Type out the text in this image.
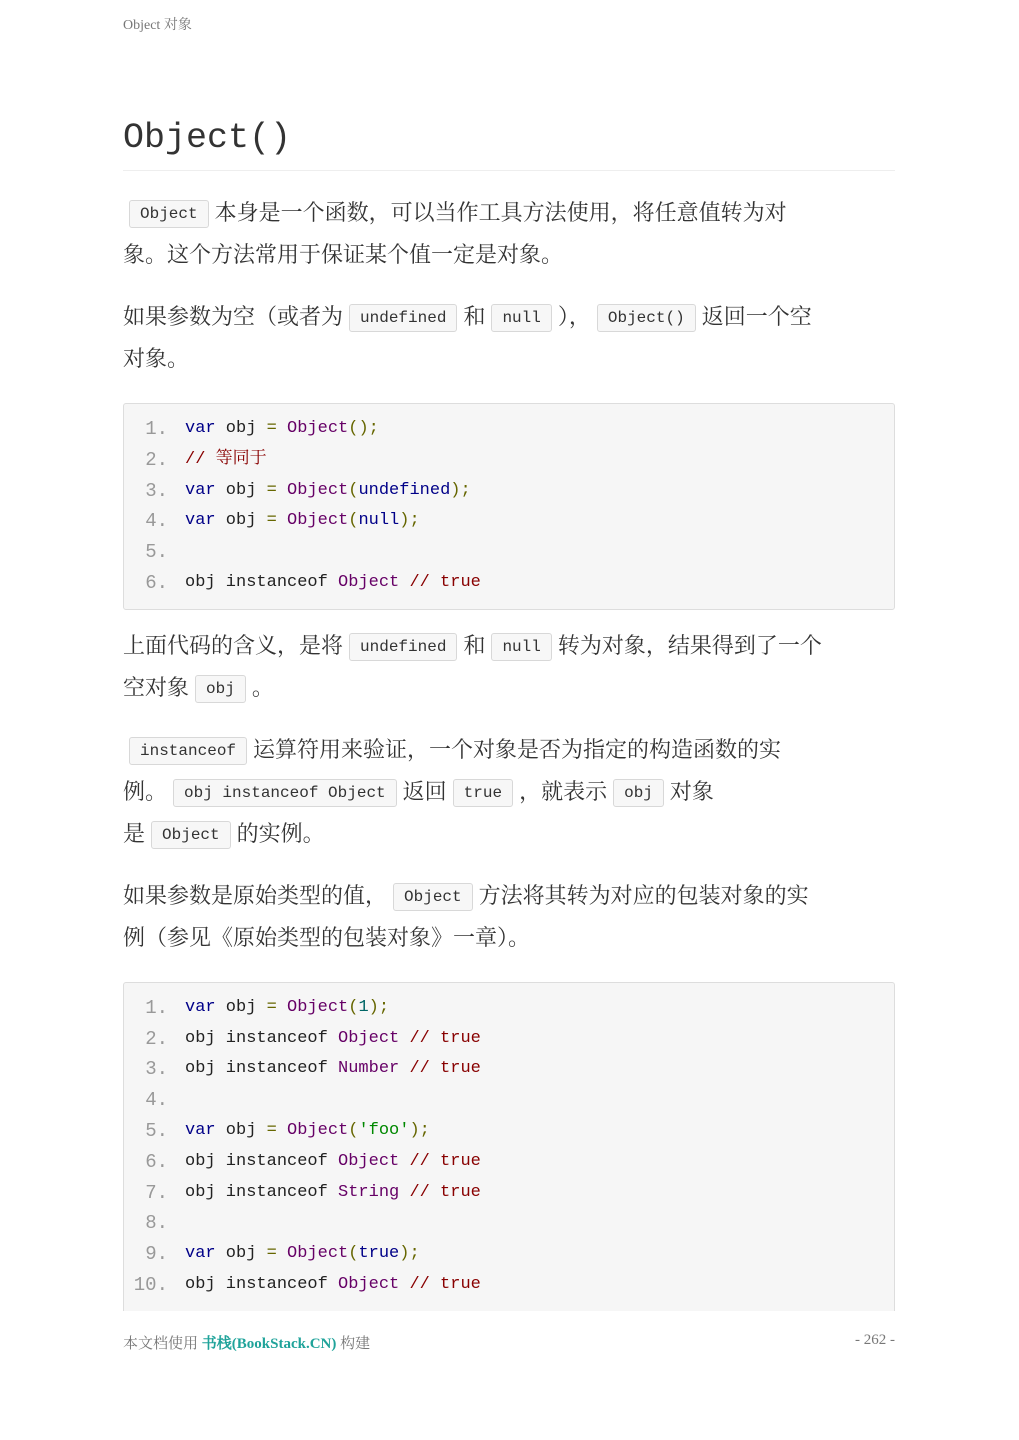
Object 对象
Object()

Object 本身是一个函数，可以当作工具方法使用，将任意值转为对
象。这个方法常用于保证某个值一定是对象。

如果参数为空（或者为 undefined 和 null ）， Object() 返回一个空
对象。

1.	var obj = Object();
2.	// 等同于
3.	var obj = Object(undefined);
4.	var obj = Object(null);
5.
6.	obj instanceof Object // true

上面代码的含义，是将 undefined 和 null 转为对象，结果得到了一个
空对象 obj 。

instanceof 运算符用来验证，一个对象是否为指定的构造函数的实
例。 obj instanceof Object 返回 true ，就表示 obj 对象
是 Object 的实例。

如果参数是原始类型的值， Object 方法将其转为对应的包装对象的实
例（参见《原始类型的包装对象》一章）。

1.	var obj = Object(1);
2.	obj instanceof Object // true
3.	obj instanceof Number // true
4.
5.	var obj = Object('foo');
6.	obj instanceof Object // true
7.	obj instanceof String // true
8.
9.	var obj = Object(true);
10.	obj instanceof Object // true
本文档使用 书栈(BookStack.CN) 构建	- 262 -
